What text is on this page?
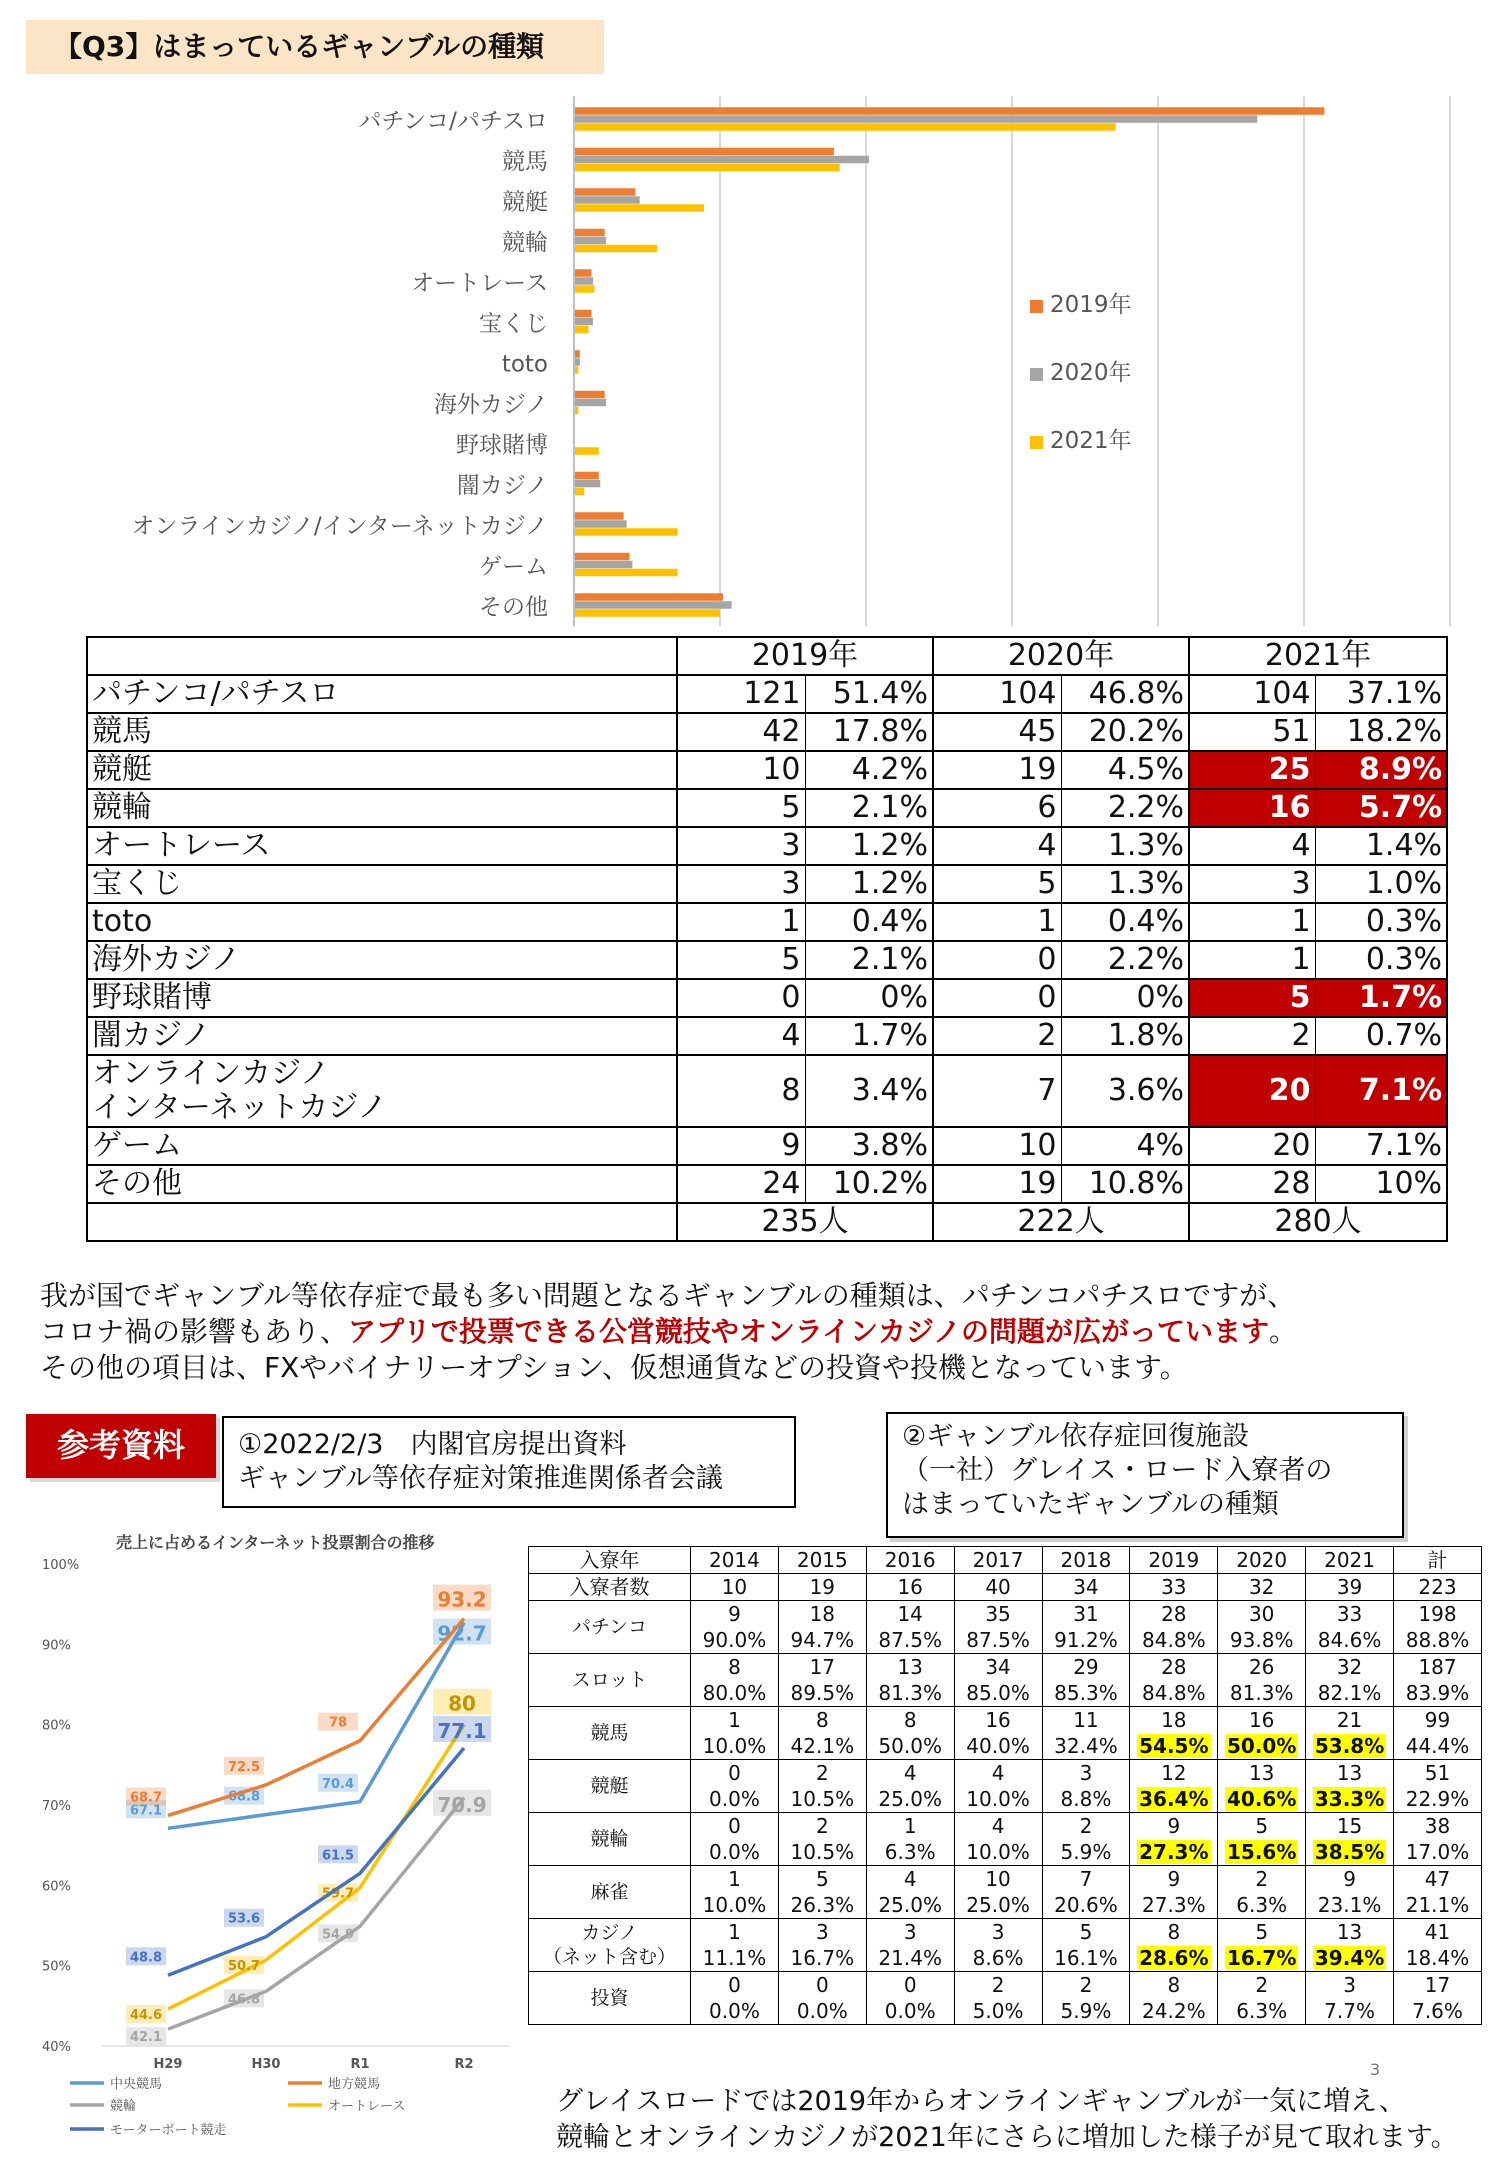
【Q3】はまっているギャンブルの種類
パチンコ/パチスロ
競馬
競艇
競輪
オートレース
宝くじ
toto
海外カジノ
野球賭博
闇カジノ
オンラインカジノ/インターネットカジノ
ゲーム
その他
2019年
2020年
2021年
	2019年		2020年		2021年	
パチンコ/パチスロ	121	51.4%	104	46.8%	104	37.1%
競馬	42	17.8%	45	20.2%	51	18.2%
競艇	10	4.2%	19	4.5%	25	8.9%
競輪	5	2.1%	6	2.2%	16	5.7%
オートレース	3	1.2%	4	1.3%	4	1.4%
宝くじ	3	1.2%	5	1.3%	3	1.0%
toto	1	0.4%	1	0.4%	1	0.3%
海外カジノ	5	2.1%	0	2.2%	1	0.3%
野球賭博	0	0%	0	0%	5	1.7%
闇カジノ	4	1.7%	2	1.8%	2	0.7%
オンラインカジノ
インターネットカジノ	8	3.4%	7	3.6%	20	7.1%
ゲーム	9	3.8%	10	4%	20	7.1%
その他	24	10.2%	19	10.8%	28	10%
	235人		222人		280人	
我が国でギャンブル等依存症で最も多い問題となるギャンブルの種類は、パチンコパチスロですが、
コロナ禍の影響もあり、アプリで投票できる公営競技やオンラインカジノの問題が広がっています。
その他の項目は、FXやバイナリーオプション、仮想通貨などの投資や投機となっています。
参考資料	①2022/2/3　内閣官房提出資料
ギャンブル等依存症対策推進関係者会議
②ギャンブル依存症回復施設
（一社）グレイス・ロード入寮者の
はまっていたギャンブルの種類
売上に占めるインターネット投票割合の推移
40%
50%
60%
70%
80%
90%
100%
H29	H30	R1	R2
67.1
68.8
70.4
92.7
68.7
72.5
78
93.2
42.1
46.8
54.9
70.9
44.6
50.7
59.7
80
48.8
53.6
61.5
77.1
中央競馬	地方競馬
競輪	オートレース
モーターボート競走
入寮年	2014	2015	2016	2017	2018	2019	2020	2021	計
入寮者数	10	19	16	40	34	33	32	39	223
パチンコ	9	18	14	35	31	28	30	33	198
	90.0%	94.7%	87.5%	87.5%	91.2%	84.8%	93.8%	84.6%	88.8%
スロット	8	17	13	34	29	28	26	32	187
	80.0%	89.5%	81.3%	85.0%	85.3%	84.8%	81.3%	82.1%	83.9%
競馬	1	8	8	16	11	18	16	21	99
	10.0%	42.1%	50.0%	40.0%	32.4%	54.5%	50.0%	53.8%	44.4%
競艇	0	2	4	4	3	12	13	13	51
	0.0%	10.5%	25.0%	10.0%	8.8%	36.4%	40.6%	33.3%	22.9%
競輪	0	2	1	4	2	9	5	15	38
	0.0%	10.5%	6.3%	10.0%	5.9%	27.3%	15.6%	38.5%	17.0%
麻雀	1	5	4	10	7	9	2	9	47
	10.0%	26.3%	25.0%	25.0%	20.6%	27.3%	6.3%	23.1%	21.1%
カジノ
（ネット含む）	1	3	3	3	5	8	5	13	41
	11.1%	16.7%	21.4%	8.6%	16.1%	28.6%	16.7%	39.4%	18.4%
投資	0	0	0	2	2	8	2	3	17
	0.0%	0.0%	0.0%	5.0%	5.9%	24.2%	6.3%	7.7%	7.6%
3
グレイスロードでは2019年からオンラインギャンブルが一気に増え、
競輪とオンラインカジノが2021年にさらに増加した様子が見て取れます。
